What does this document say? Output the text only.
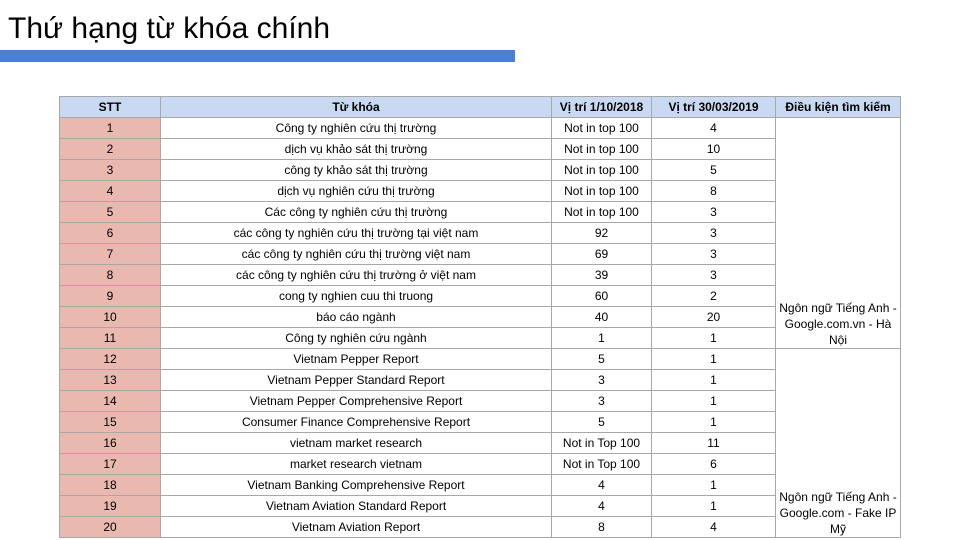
Thứ hạng từ khóa chính
STT	Từ khóa	Vị trí 1/10/2018	Vị trí 30/03/2019	Điều kiện tìm kiếm
1	Công ty nghiên cứu thị trường	Not in top 100	4	Ngôn ngữ Tiếng Anh - Google.com.vn - Hà Nội
2	dịch vụ khảo sát thị trường	Not in top 100	10	
3	công ty khảo sát thị trường	Not in top 100	5	
4	dịch vụ nghiên cứu thị trường	Not in top 100	8	
5	Các công ty nghiên cứu thị trường	Not in top 100	3	
6	các công ty nghiên cứu thị trường tại việt nam	92	3	
7	các công ty nghiên cứu thị trường việt nam	69	3	
8	các công ty nghiên cứu thị trường ở việt nam	39	3	
9	cong ty nghien cuu thi truong	60	2	
10	báo cáo ngành	40	20	
11	Công ty nghiên cứu ngành	1	1	
12	Vietnam Pepper Report	5	1	Ngôn ngữ Tiếng Anh - Google.com - Fake IP Mỹ
13	Vietnam Pepper Standard Report	3	1	
14	Vietnam Pepper Comprehensive Report	3	1	
15	Consumer Finance Comprehensive Report	5	1	
16	vietnam market research	Not in Top 100	11	
17	market research vietnam	Not in Top 100	6	
18	Vietnam Banking Comprehensive Report	4	1	
19	Vietnam Aviation Standard Report	4	1	
20	Vietnam Aviation Report	8	4	
